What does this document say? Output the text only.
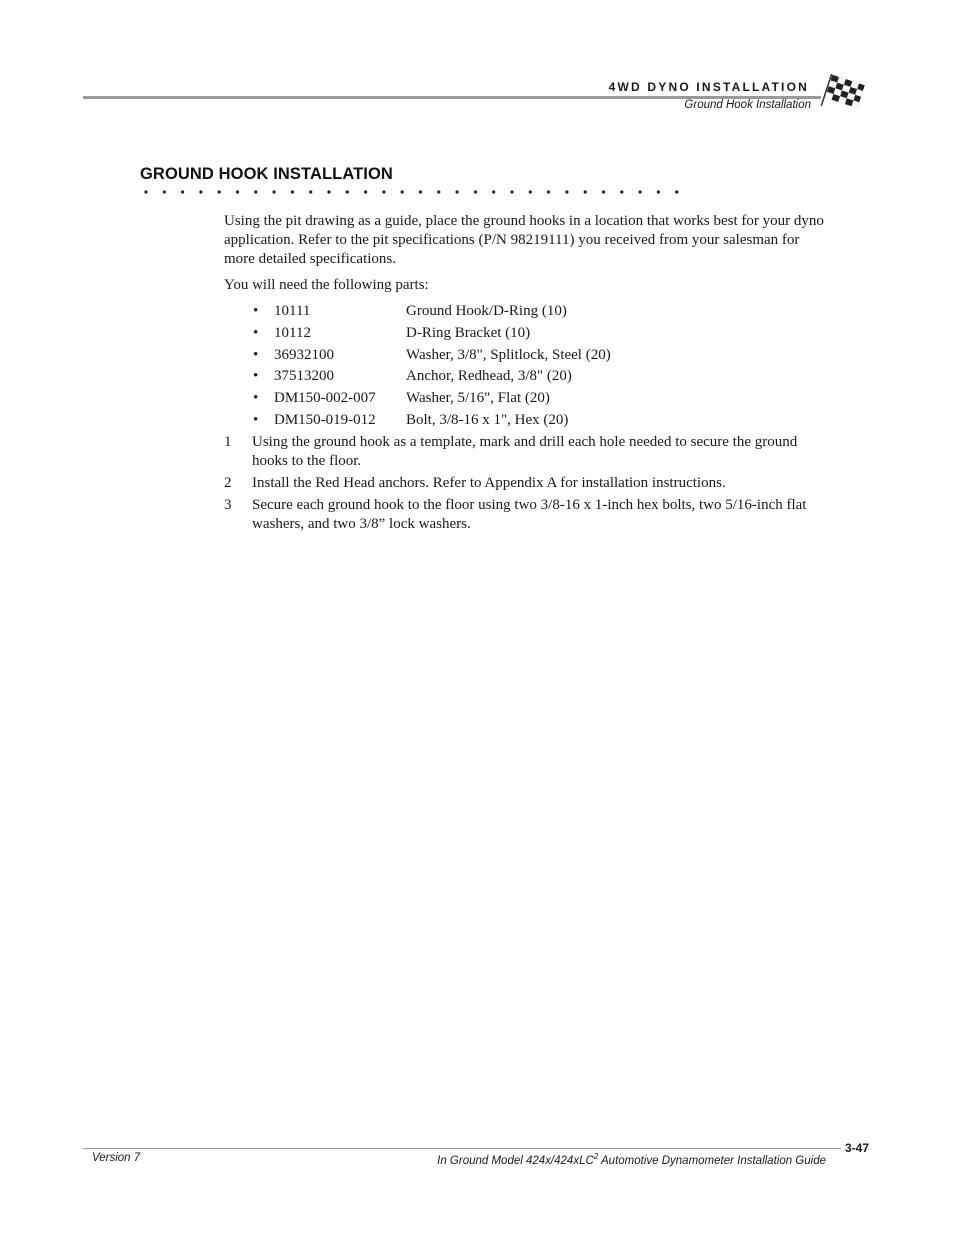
4WD DYNO INSTALLATION
Ground Hook Installation
GROUND HOOK INSTALLATION

Using the pit drawing as a guide, place the ground hooks in a location that works best for your dyno application. Refer to the pit specifications (P/N 98219111) you received from your salesman for more detailed specifications.

You will need the following parts:

• 10111	Ground Hook/D-Ring (10)
• 10112	D-Ring Bracket (10)
• 36932100	Washer, 3/8", Splitlock, Steel (20)
• 37513200	Anchor, Redhead, 3/8" (20)
• DM150-002-007 Washer, 5/16", Flat (20)
• DM150-019-012 Bolt, 3/8-16 x 1", Hex (20)
1 Using the ground hook as a template, mark and drill each hole needed to secure the ground hooks to the floor.
2 Install the Red Head anchors. Refer to Appendix A for installation instructions.
3 Secure each ground hook to the floor using two 3/8-16 x 1-inch hex bolts, two 5/16-inch flat washers, and two 3/8” lock washers.
3-47
Version 7	In Ground Model 424x/424xLC$^2$ Automotive Dynamometer Installation Guide
